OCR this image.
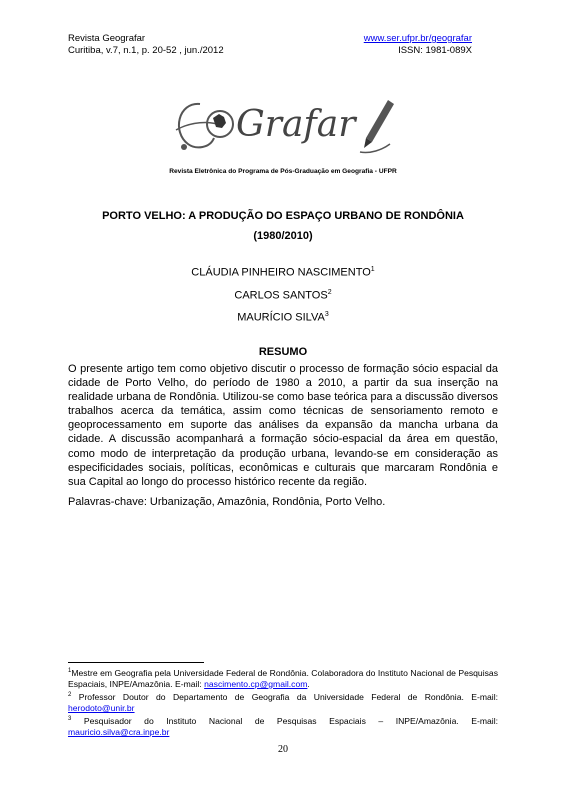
Revista Geografar
Curitiba, v.7, n.1, p. 20-52 , jun./2012
www.ser.ufpr.br/geografar
ISSN: 1981-089X
Grafar
Revista Eletrônica do Programa de Pós-Graduação em Geografia - UFPR
PORTO VELHO: A PRODUÇÃO DO ESPAÇO URBANO DE RONDÔNIA
(1980/2010)
CLÁUDIA PINHEIRO NASCIMENTO$^1$
CARLOS SANTOS$^2$
MAURÍCIO SILVA$^3$
RESUMO
O presente artigo tem como objetivo discutir o processo de formação sócio espacial da cidade de Porto Velho, do período de 1980 a 2010, a partir da sua inserção na realidade urbana de Rondônia. Utilizou-se como base teórica para a discussão diversos trabalhos acerca da temática, assim como técnicas de sensoriamento remoto e geoprocessamento em suporte das análises da expansão da mancha urbana da cidade. A discussão acompanhará a formação sócio-espacial da área em questão, como modo de interpretação da produção urbana, levando-se em consideração as especificidades sociais, políticas, econômicas e culturais que marcaram Rondônia e sua Capital ao longo do processo histórico recente da região.
Palavras-chave: Urbanização, Amazônia, Rondônia, Porto Velho.
$^1$Mestre em Geografia pela Universidade Federal de Rondônia. Colaboradora do Instituto Nacional de Pesquisas Espaciais, INPE/Amazônia. E-mail: nascimento.cp@gmail.com.
$^2$ Professor Doutor do Departamento de Geografia da Universidade Federal de Rondônia. E-mail: herodoto@unir.br
$^3$ Pesquisador do Instituto Nacional de Pesquisas Espaciais – INPE/Amazônia. E-mail: mauricio.silva@cra.inpe.br
20
